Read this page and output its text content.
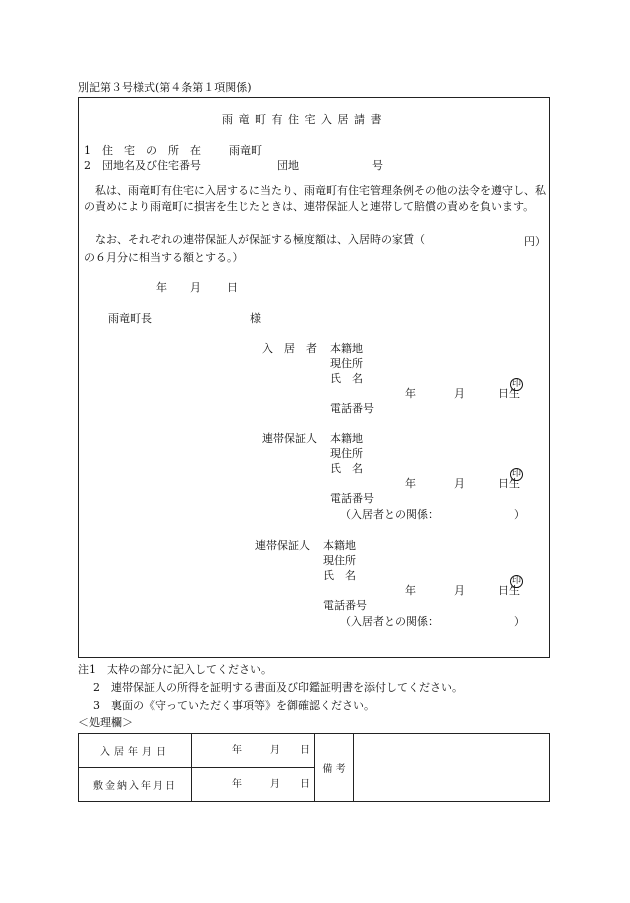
別記第３号様式(第４条第１項関係)
雨 竜 町 有 住 宅 入 居 請 書
1 住　宅　の　所　在	雨竜町
2 団地名及び住宅番号	団地	号
私は、雨竜町有住宅に入居するに当たり、雨竜町有住宅管理条例その他の法令を遵守し、私の責めにより雨竜町に損害を生じたときは、連帯保証人と連帯して賠償の責めを負います。
なお、それぞれの連帯保証人が保証する極度額は、入居時の家賃（	円）
の６月分に相当する額とする。）
年 月 日
雨竜町長	様
入　居　者 本籍地
現住所
氏　名	印
年	月	日生
電話番号
連帯保証人 本籍地
現住所
氏　名	印
年	月	日生
電話番号
（入居者との関係：	）
連帯保証人 本籍地
現住所
氏　名	印
年	月	日生
電話番号
（入居者との関係：	）
注1　太枠の部分に記入してください。
2　連帯保証人の所得を証明する書面及び印鑑証明書を添付してください。
3　裏面の《守っていただく事項等》を御確認ください。
＜処理欄＞
入居年月日	年 月 日	備 考	
敷金納入年月日	年 月 日		
